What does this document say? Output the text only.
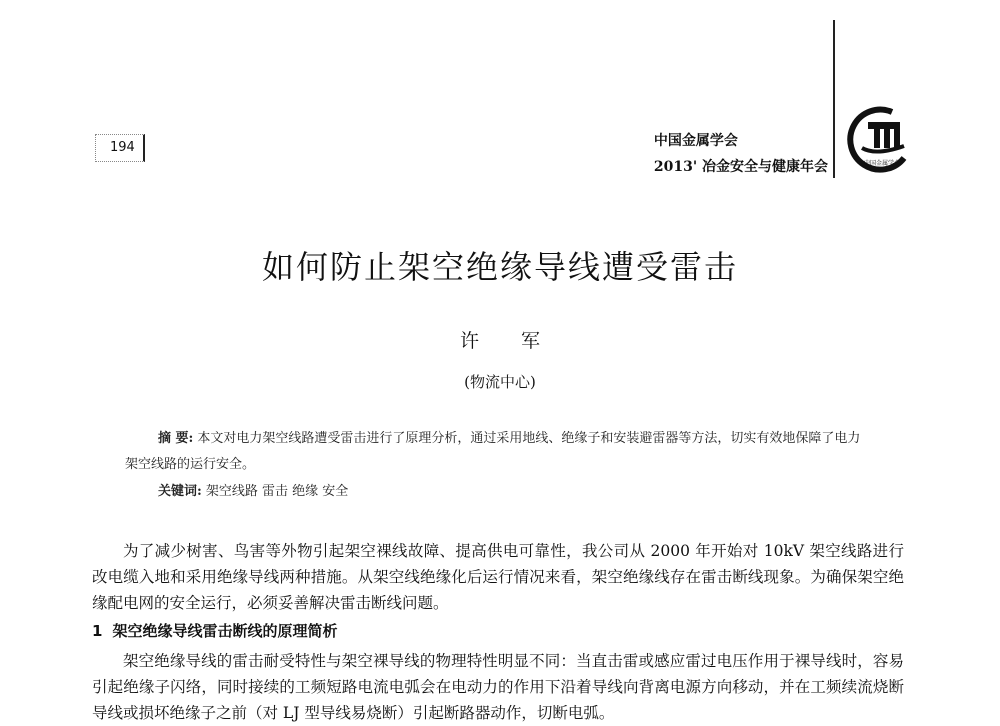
194	中国金属学会
2013' 冶金安全与健康年会	中国金属学会
如何防止架空绝缘导线遭受雷击
许 军
(物流中心)
摘 要: 本文对电力架空线路遭受雷击进行了原理分析，通过采用地线、绝缘子和安装避雷器等方法，切实有效地保障了电力架空线路的运行安全。
关键词: 架空线路 雷击 绝缘 安全
为了减少树害、鸟害等外物引起架空裸线故障、提高供电可靠性，我公司从 2000 年开始对 10kV 架空线路进行改电缆入地和采用绝缘导线两种措施。从架空线绝缘化后运行情况来看，架空绝缘线存在雷击断线现象。为确保架空绝缘配电网的安全运行，必须妥善解决雷击断线问题。
1 架空绝缘导线雷击断线的原理简析
架空绝缘导线的雷击耐受特性与架空裸导线的物理特性明显不同：当直击雷或感应雷过电压作用于裸导线时，容易引起绝缘子闪络，同时接续的工频短路电流电弧会在电动力的作用下沿着导线向背离电源方向移动，并在工频续流烧断导线或损坏绝缘子之前（对 LJ 型导线易烧断）引起断路器动作，切断电弧。
